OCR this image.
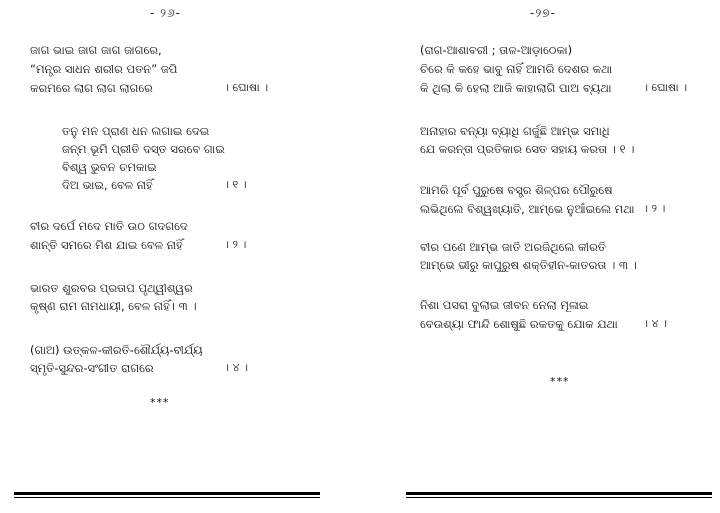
- ୨୬-
ଜାଗ ଭାଇ ଜାଗ ଜାଗ ଜାଗରେ,
“ମନ୍ତ୍ର ସାଧନ ଶରୀର ପତନ” ଜପି
କରମରେ ଲାଗ ଲାଗ ଲାଗରେ	। ଘୋଷା ।
ତନୁ ମନ ପ୍ରାଣ ଧନ ଲଗାଇ ଦେଇ
ଜନ୍ମ ଭୂମି ପ୍ରୀତି ଦସ୍ତ ସରବେ ଗାଇ
ବିଶ୍ୱ ଭୁବନ ଚମକାଇ
ଦିଅ ଭାଇ, ବେଳ ନାହିଁ	। ୧ ।
ବୀର ଦର୍ପେ ମଦେ ମାତି ଉଠ ଗଦଗଦେ
ଶାନ୍ତି ସମରେ ମିଶ ଯାଇ ବେଳ ନାହିଁ	। ୨ ।
ଭାରତ ଶୁରବର ପ୍ରତାପ ପୃଥ୍ୱୀଶ୍ୱର
କୃଷ୍ଣ ରାମ ନାମଧାୟୀ, ବେଳ ନାହିଁ। ୩ ।
(ଗାଅ) ଉତ୍କଳ-କୀରତି-ଶୌର୍ଯ୍ୟ-ବୀର୍ଯ୍ୟ
ସ୍ମୃତି-ସୁନ୍ଦର-ସଂଗୀତ ରାଗରେ	। ୪ ।
***
-୨୭-
(ରାଗ-ଆଶାବରୀ ; ତାଳ-ଆଡ଼ାଠେକା)
ଚିରେ କି କହେ ଭାବୁ ନାହିଁ ଆମରି ଦେଶର କଥା
କି ଥିଲା କି ହେଲା ଆଜି କାହାଲାଗି ପାଅ ବ୍ୟଥା	। ଘୋଷା ।
ଅନାହାର ବନ୍ୟା ବ୍ୟାଧି ଗର୍ଜୁଛି ଆମ୍ଭ ସମାଧି
ଯେ କରନ୍ତା ପ୍ରତିକାର ସେତ ସହାୟ କରତା । ୧ ।
ଆମରି ପୂର୍ବ ପୁରୁଷେ ବସ୍ତ୍ର ଶିଳ୍ପର ପୌରୁଷେ
ଲଭିଥିଲେ ବିଶ୍ୱଖ୍ୟାତି, ଆମ୍ଭେ ନୁଆଁଇଲେ ମଥା । ୨ ।
ବୀର ପଣେ ଆମ୍ଭ ଜାତି ଅରଜିଥିଲେ କୀରତି
ଆମ୍ଭେ ଭୀରୁ କାପୁରୁଷ ଶକ୍ତିହୀନ-କାତରତା । ୩ ।
ନିଶା ପସରା ବୁଲାଇ ଜୀବନ ନେଲା ମୂଳାଇ
ବେଉଶ୍ୟା ଫାନ୍ଦି ଶୋଷୁଛି ରକତକୁ ଯୋକ ଯଥା । ୪ ।
***
